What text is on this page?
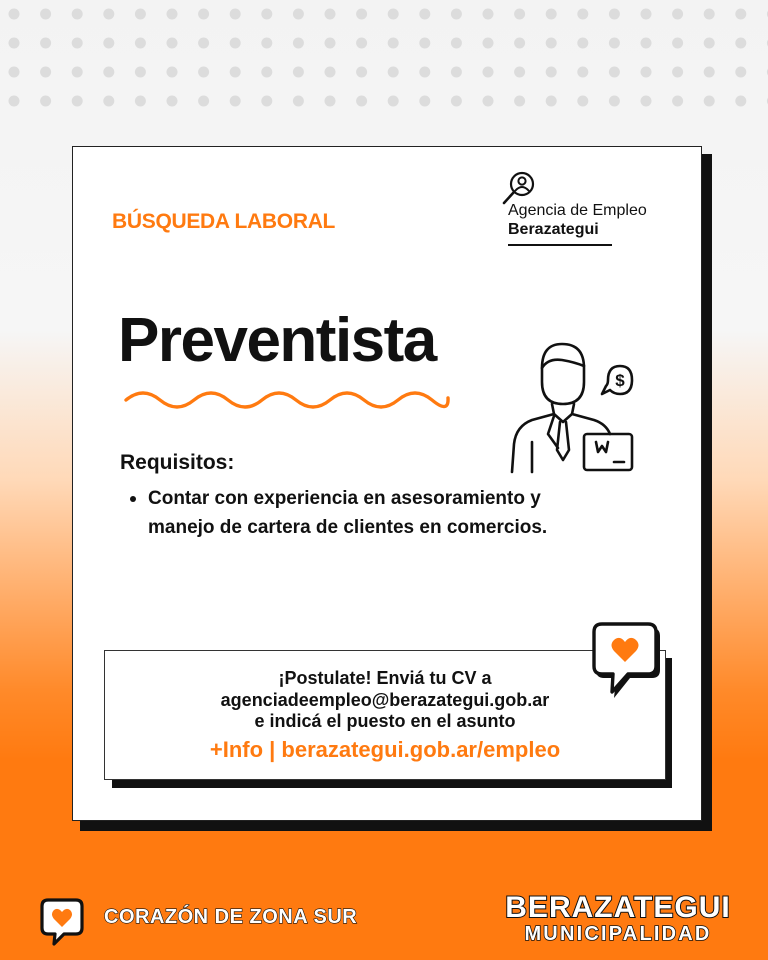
BÚSQUEDA LABORAL	Agencia de Empleo
Berazategui
Preventista
$
Requisitos:
Contar con experiencia en asesoramiento y manejo de cartera de clientes en comercios.
¡Postulate! Enviá tu CV a
agenciadeempleo@berazategui.gob.ar
e indicá el puesto en el asunto
+Info | berazategui.gob.ar/empleo
CORAZÓN DE ZONA SUR	BERAZATEGUI
MUNICIPALIDAD
